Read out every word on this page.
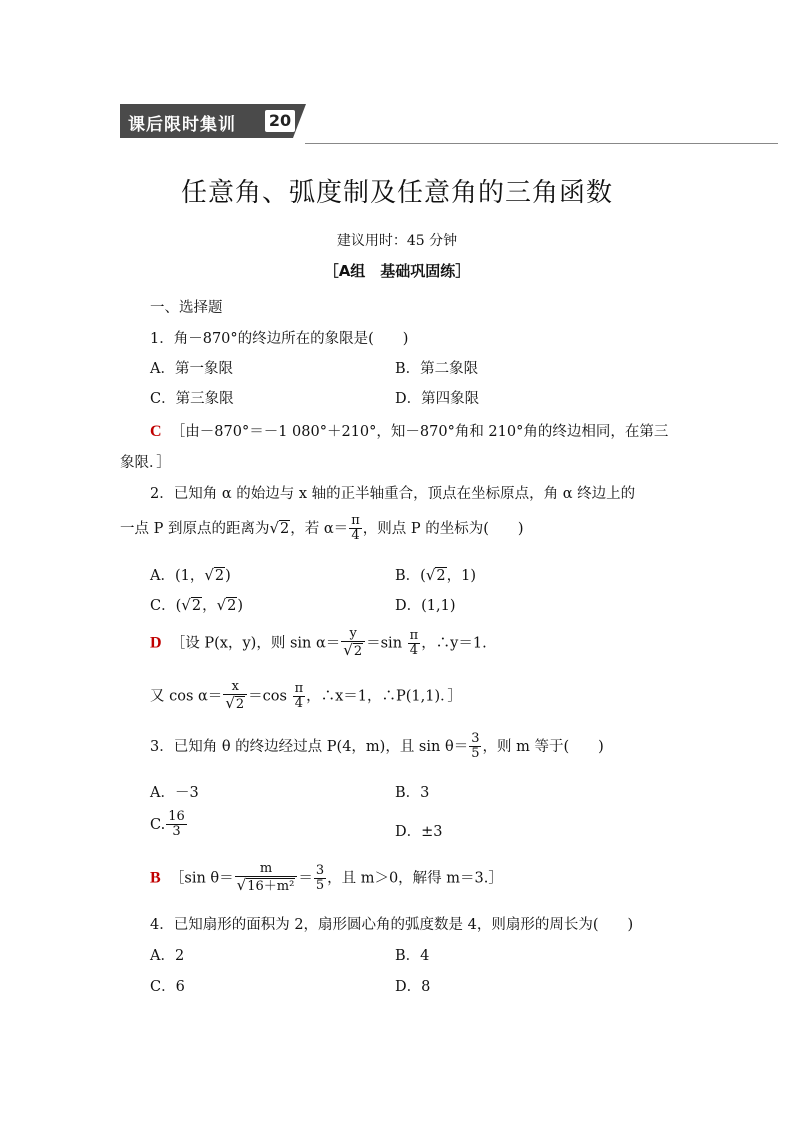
课后限时集训 20
任意角、弧度制及任意角的三角函数
建议用时：45 分钟
［A组　基础巩固练］
一、选择题
1．角－870°的终边所在的象限是(　　)
A．第一象限	B．第二象限
C．第三象限	D．第四象限
C ［由－870°＝－1 080°＋210°，知－870°角和 210°角的终边相同，在第三
象限．］
2．已知角 α 的始边与 x 轴的正半轴重合，顶点在坐标原点，角 α 终边上的
一点 P 到原点的距离为√2，若 $\alpha= \frac{\pi}{4}$ ，则点 P 的坐标为(　　)
A．(1，√2)	B．(√2，1)
C．(√2，√2)	D．(1,1)
D ［设 P(x，y)，则 $\sin \alpha= \frac{y}{√2} =\sin \frac{\pi}{4}$ ，∴y＝1.
又 $\cos \alpha= \frac{x}{√2} =\cos \frac{\pi}{4}$ ，∴x＝1，∴P(1,1)．］
3．已知角 θ 的终边经过点 P(4，m)，且 $\sin \theta= \frac{3}{5}$ ，则 m 等于(　　)
A．－3	B．3
C. $\frac{16}{3}$	D．±3
B ［sin $\theta= \frac{m}{\text{√16＋m²}} = \frac{3}{5}$ ，且 m＞0，解得 m＝3.］
4．已知扇形的面积为 2，扇形圆心角的弧度数是 4，则扇形的周长为(　　)
A．2	B．4
C．6	D．8
